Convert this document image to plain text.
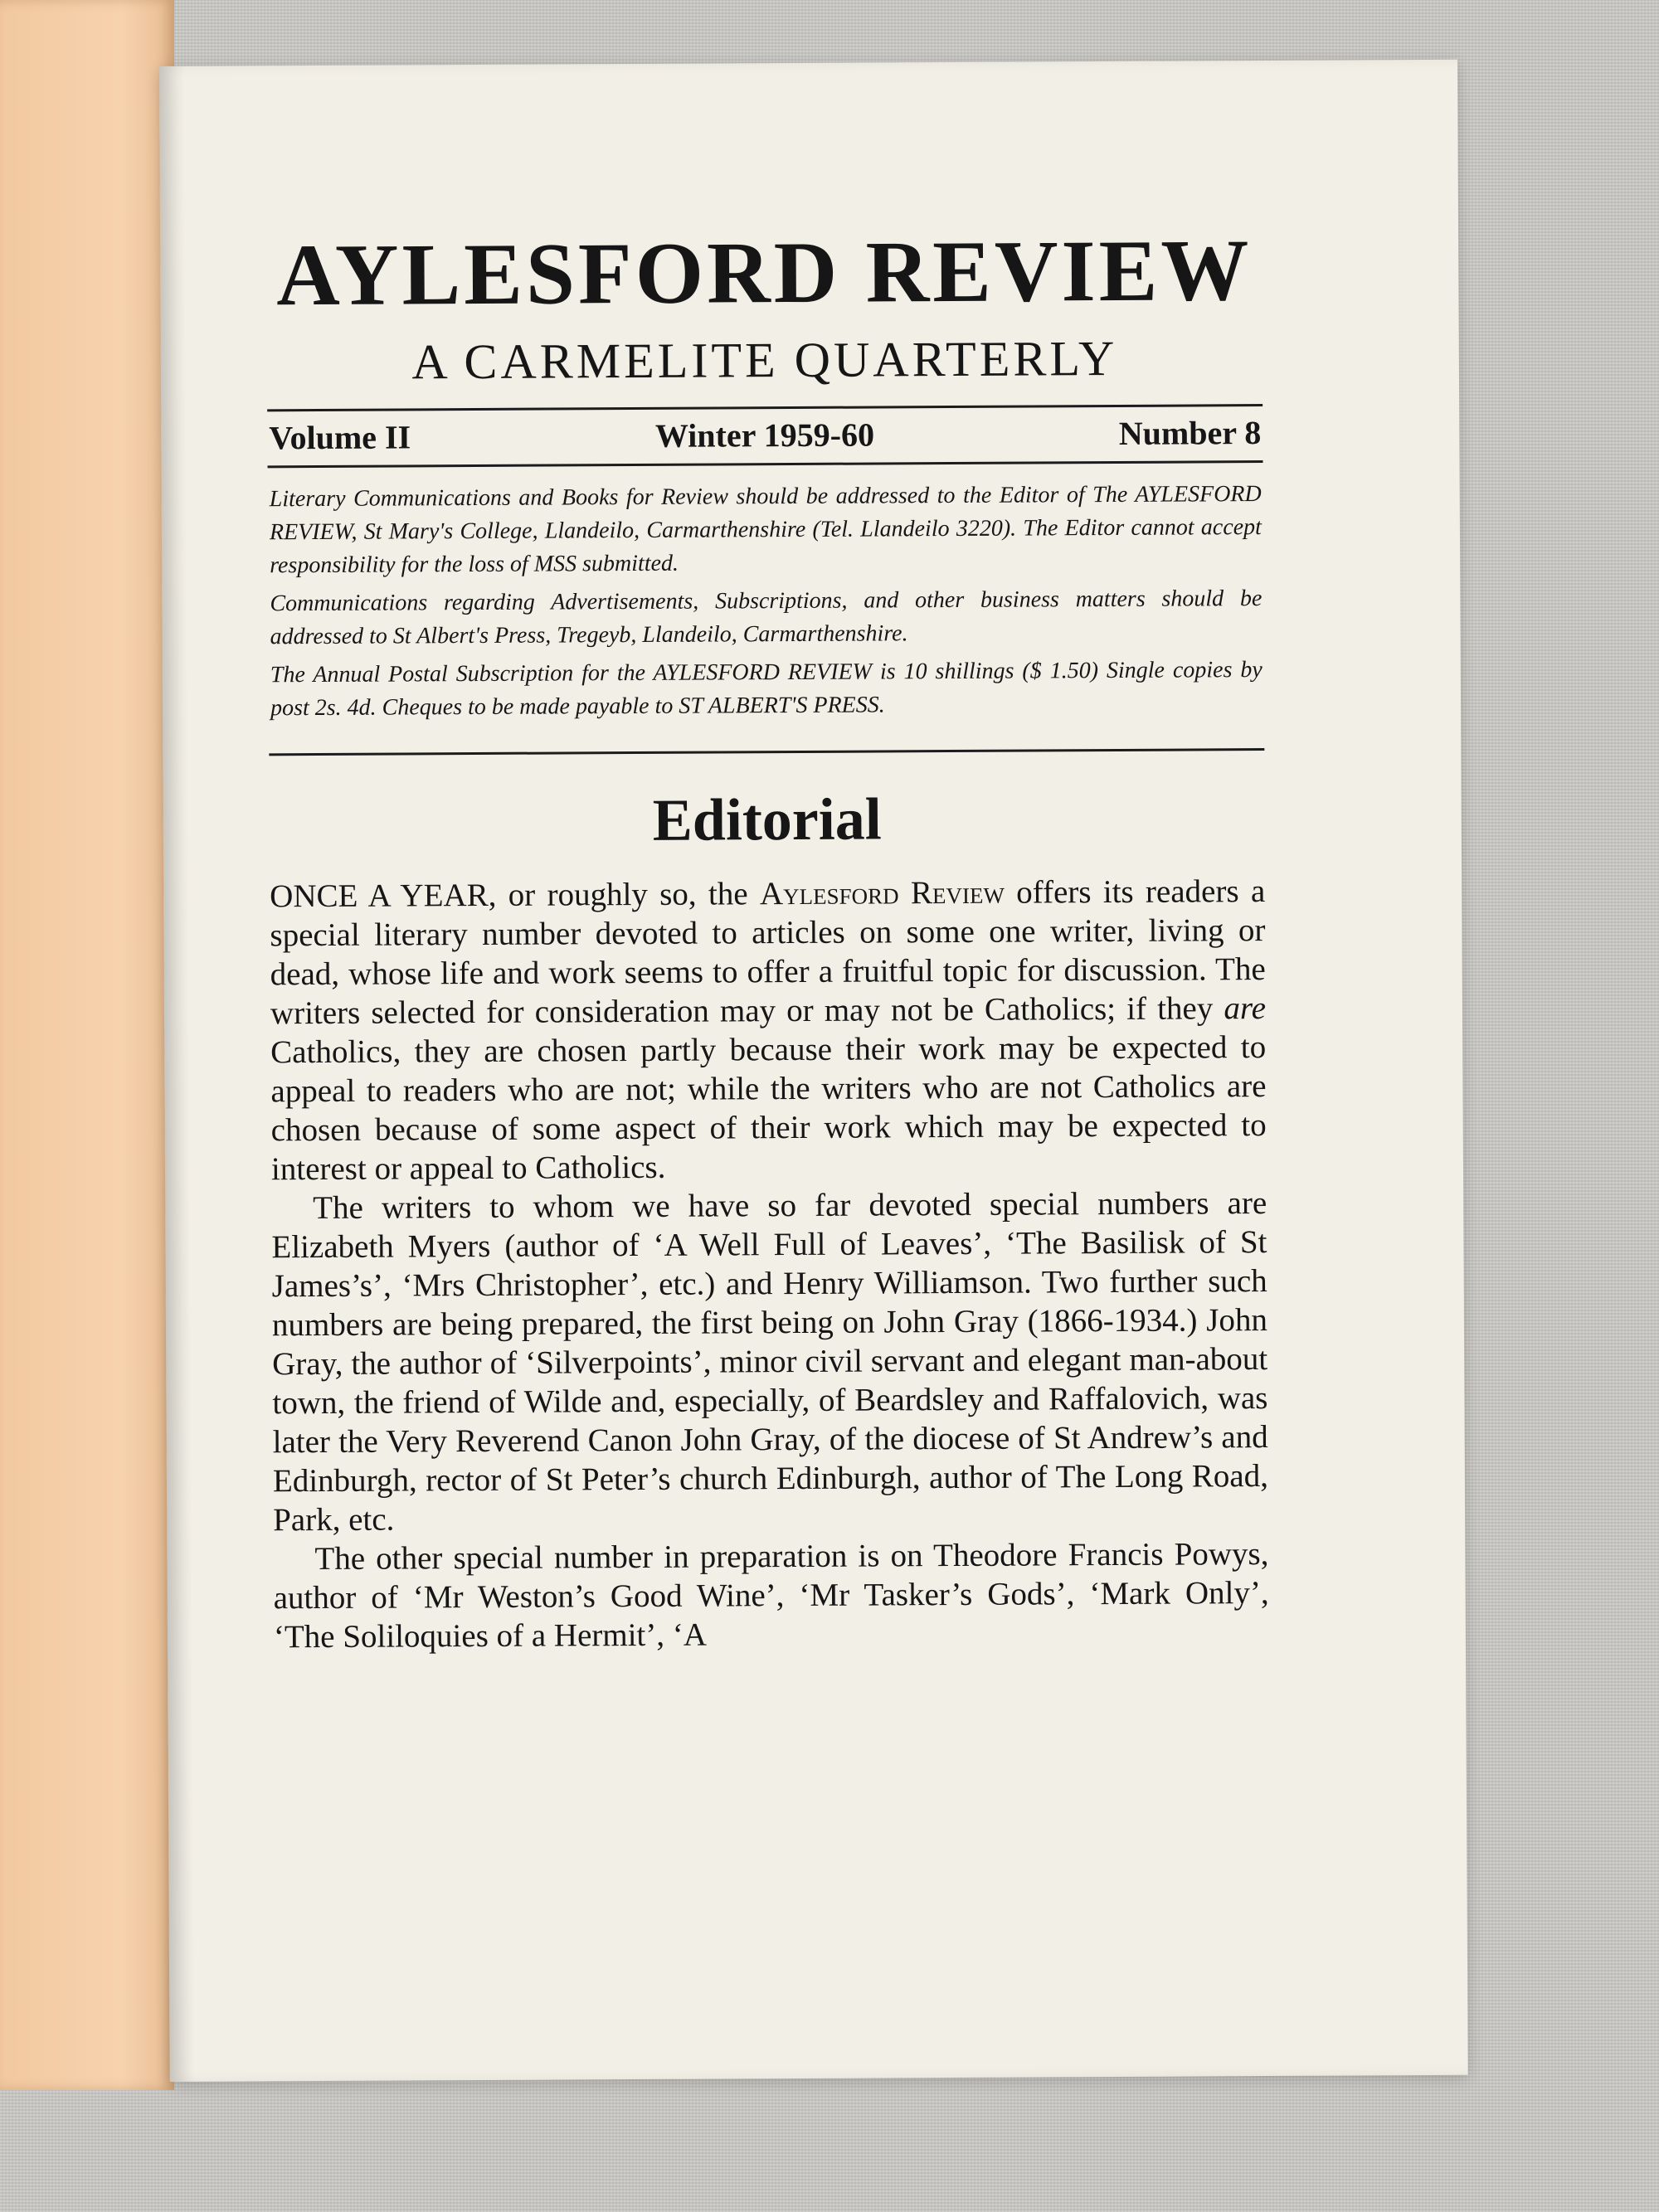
AYLESFORD REVIEW
A CARMELITE QUARTERLY
Volume II	Winter 1959-60	Number 8

Literary Communications and Books for Review should be addressed to the Editor of The AYLESFORD REVIEW, St Mary's College, Llandeilo, Carmarthenshire (Tel. Llandeilo 3220). The Editor cannot accept responsibility for the loss of MSS submitted.

Communications regarding Advertisements, Subscriptions, and other business matters should be addressed to St Albert's Press, Tregeyb, Llandeilo, Carmarthenshire.

The Annual Postal Subscription for the AYLESFORD REVIEW is 10 shillings ($ 1.50) Single copies by post 2s. 4d. Cheques to be made payable to ST ALBERT'S PRESS.

Editorial

ONCE A YEAR, or roughly so, the Aylesford Review offers its readers a special literary number devoted to articles on some one writer, living or dead, whose life and work seems to offer a fruitful topic for discussion. The writers selected for consideration may or may not be Catholics; if they are Catholics, they are chosen partly because their work may be expected to appeal to readers who are not; while the writers who are not Catholics are chosen because of some aspect of their work which may be expected to interest or appeal to Catholics.

The writers to whom we have so far devoted special numbers are Elizabeth Myers (author of ‘A Well Full of Leaves’, ‘The Basilisk of St James’s’, ‘Mrs Christopher’, etc.) and Henry Williamson. Two further such numbers are being prepared, the first being on John Gray (1866-1934.) John Gray, the author of ‘Silverpoints’, minor civil servant and elegant man-about town, the friend of Wilde and, especially, of Beardsley and Raffalovich, was later the Very Reverend Canon John Gray, of the diocese of St Andrew’s and Edinburgh, rector of St Peter’s church Edinburgh, author of The Long Road, Park, etc.

The other special number in preparation is on Theodore Francis Powys, author of ‘Mr Weston’s Good Wine’, ‘Mr Tasker’s Gods’, ‘Mark Only’, ‘The Soliloquies of a Hermit’, ‘A
